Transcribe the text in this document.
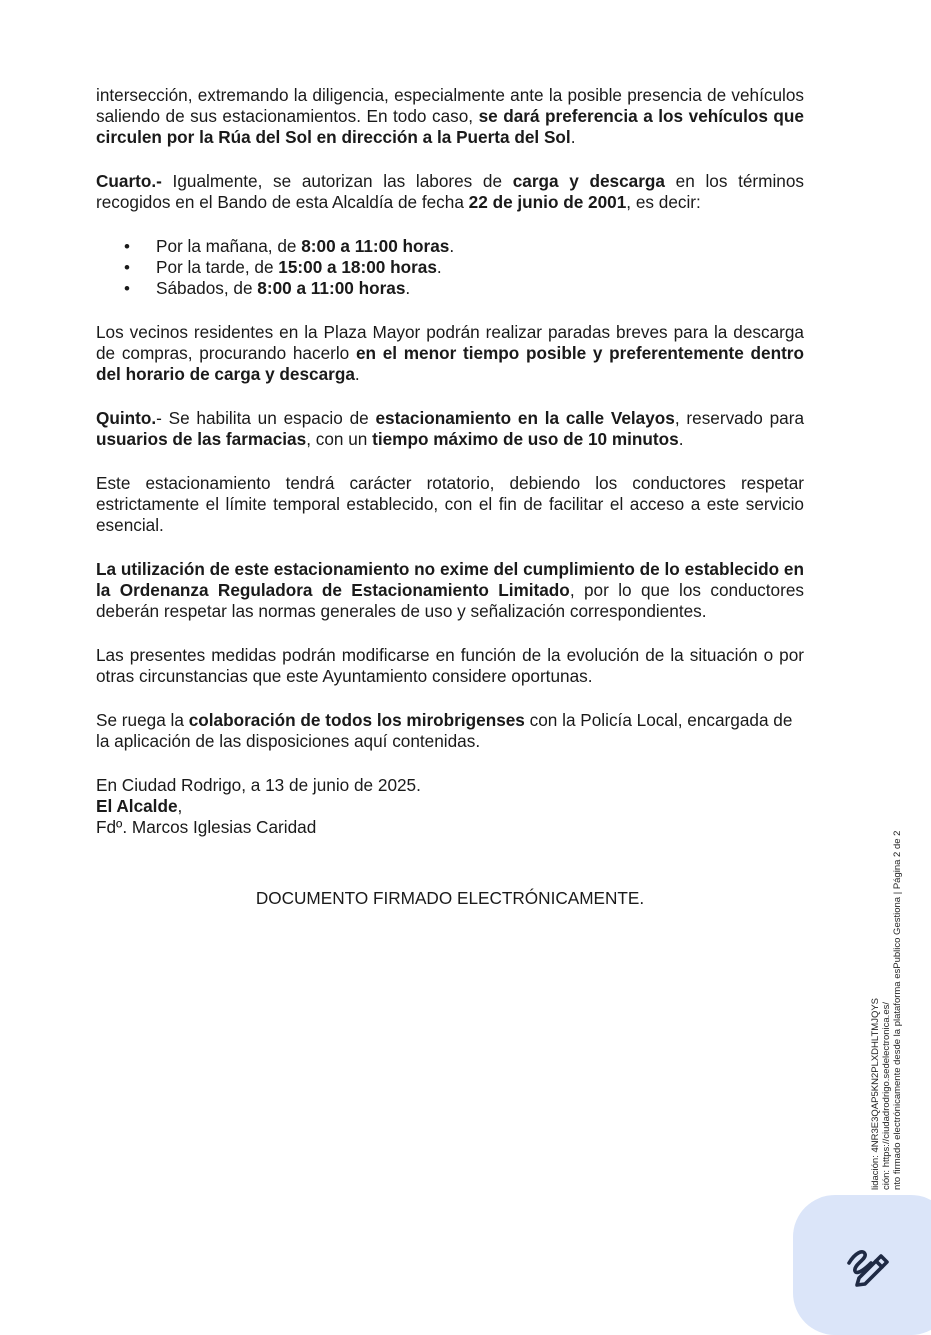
intersección, extremando la diligencia, especialmente ante la posible presencia de vehículos saliendo de sus estacionamientos. En todo caso, se dará preferencia a los vehículos que circulen por la Rúa del Sol en dirección a la Puerta del Sol.

Cuarto.- Igualmente, se autorizan las labores de carga y descarga en los términos recogidos en el Bando de esta Alcaldía de fecha 22 de junio de 2001, es decir:

• Por la mañana, de 8:00 a 11:00 horas.
• Por la tarde, de 15:00 a 18:00 horas.
• Sábados, de 8:00 a 11:00 horas.

Los vecinos residentes en la Plaza Mayor podrán realizar paradas breves para la descarga de compras, procurando hacerlo en el menor tiempo posible y preferentemente dentro del horario de carga y descarga.

Quinto.- Se habilita un espacio de estacionamiento en la calle Velayos, reservado para usuarios de las farmacias, con un tiempo máximo de uso de 10 minutos.

Este estacionamiento tendrá carácter rotatorio, debiendo los conductores respetar estrictamente el límite temporal establecido, con el fin de facilitar el acceso a este servicio esencial.

La utilización de este estacionamiento no exime del cumplimiento de lo establecido en la Ordenanza Reguladora de Estacionamiento Limitado, por lo que los conductores deberán respetar las normas generales de uso y señalización correspondientes.

Las presentes medidas podrán modificarse en función de la evolución de la situación o por otras circunstancias que este Ayuntamiento considere oportunas.

Se ruega la colaboración de todos los mirobrigenses con la Policía Local, encargada de la aplicación de las disposiciones aquí contenidas.

En Ciudad Rodrigo, a 13 de junio de 2025.

El Alcalde,

Fdº. Marcos Iglesias Caridad

DOCUMENTO FIRMADO ELECTRÓNICAMENTE.
lidación: 4NR3E3QAP5KN2PLXDHLTMJQYS ción: https://ciudadrodrigo.sedelectronica.es/ nto firmado electrónicamente desde la plataforma esPublico Gestiona | Página 2 de 2
